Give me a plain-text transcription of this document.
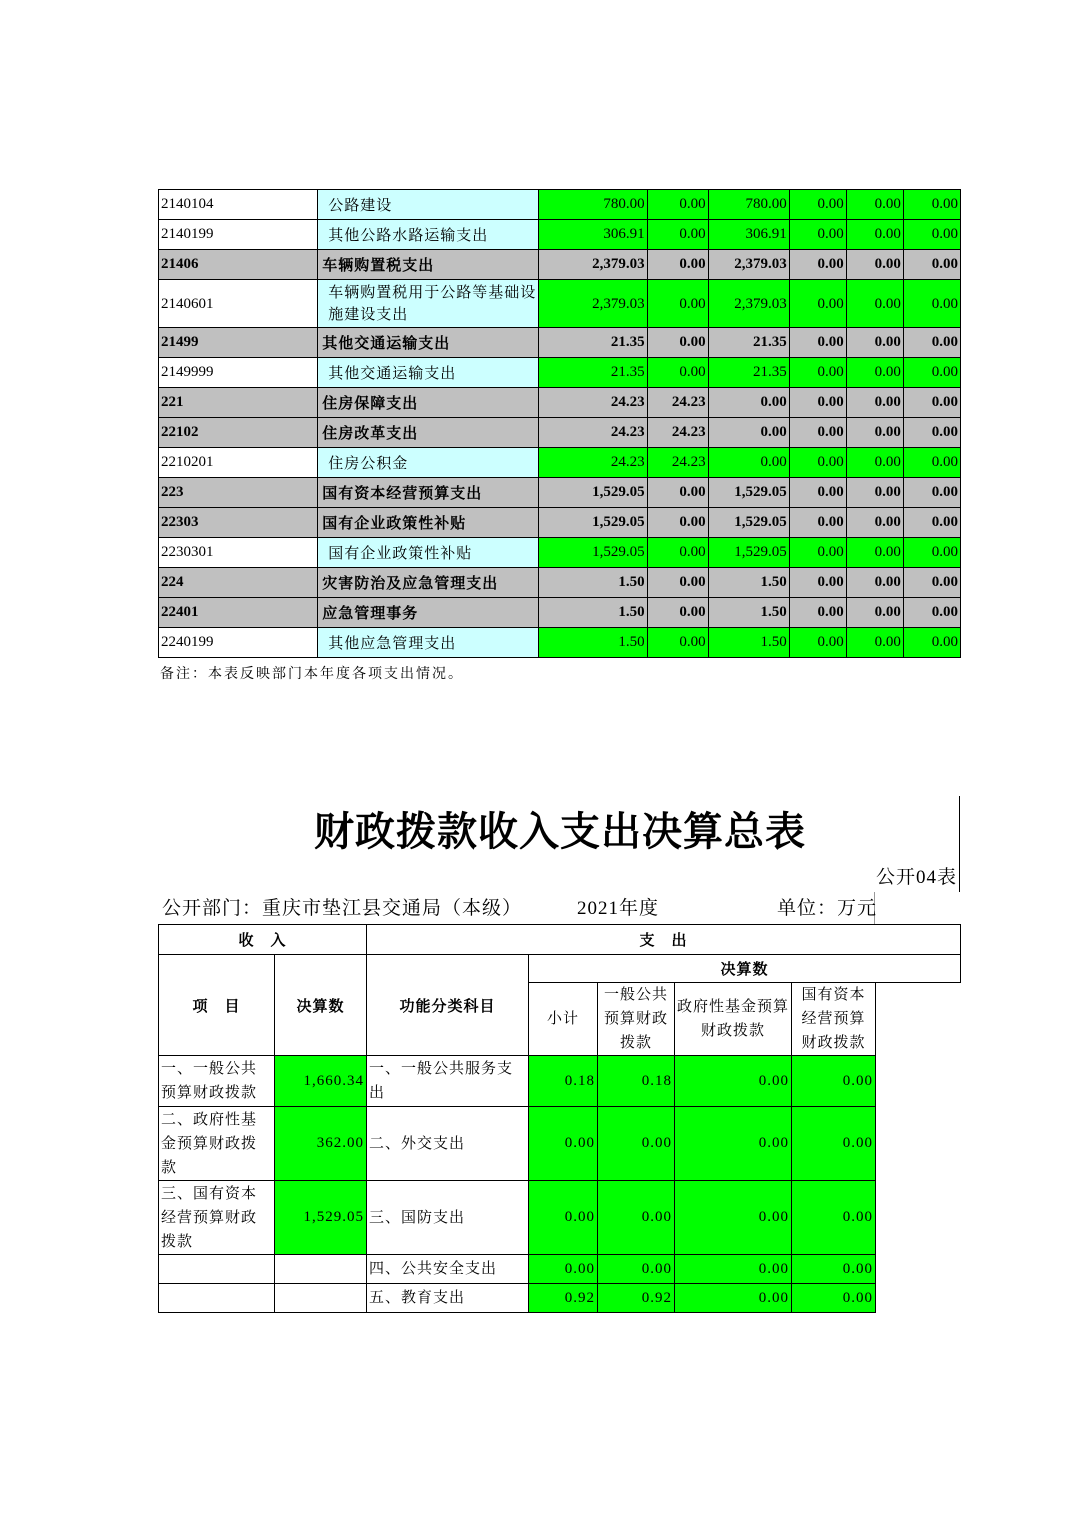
2140104	公路建设	780.00	0.00	780.00	0.00	0.00	0.00
2140199	其他公路水路运输支出	306.91	0.00	306.91	0.00	0.00	0.00
21406	车辆购置税支出	2,379.03	0.00	2,379.03	0.00	0.00	0.00
2140601	车辆购置税用于公路等基础设施建设支出	2,379.03	0.00	2,379.03	0.00	0.00	0.00
21499	其他交通运输支出	21.35	0.00	21.35	0.00	0.00	0.00
2149999	其他交通运输支出	21.35	0.00	21.35	0.00	0.00	0.00
221	住房保障支出	24.23	24.23	0.00	0.00	0.00	0.00
22102	住房改革支出	24.23	24.23	0.00	0.00	0.00	0.00
2210201	住房公积金	24.23	24.23	0.00	0.00	0.00	0.00
223	国有资本经营预算支出	1,529.05	0.00	1,529.05	0.00	0.00	0.00
22303	国有企业政策性补贴	1,529.05	0.00	1,529.05	0.00	0.00	0.00
2230301	国有企业政策性补贴	1,529.05	0.00	1,529.05	0.00	0.00	0.00
224	灾害防治及应急管理支出	1.50	0.00	1.50	0.00	0.00	0.00
22401	应急管理事务	1.50	0.00	1.50	0.00	0.00	0.00
2240199	其他应急管理支出	1.50	0.00	1.50	0.00	0.00	0.00
备注：本表反映部门本年度各项支出情况。
财政拨款收入支出决算总表
公开04表
公开部门：重庆市垫江县交通局（本级）	2021年度	单位：万元
收　入		支　出					
项　目	决算数	功能分类科目	决算数				
			小计	一般公共预算财政拨款	政府性基金预算财政拨款	国有资本经营预算财政拨款	
一、一般公共预算财政拨款	1,660.34	一、一般公共服务支出	0.18	0.18	0.00	0.00	
二、政府性基金预算财政拨款	362.00	二、外交支出	0.00	0.00	0.00	0.00	
三、国有资本经营预算财政拨款	1,529.05	三、国防支出	0.00	0.00	0.00	0.00	
		四、公共安全支出	0.00	0.00	0.00	0.00	
		五、教育支出	0.92	0.92	0.00	0.00	
